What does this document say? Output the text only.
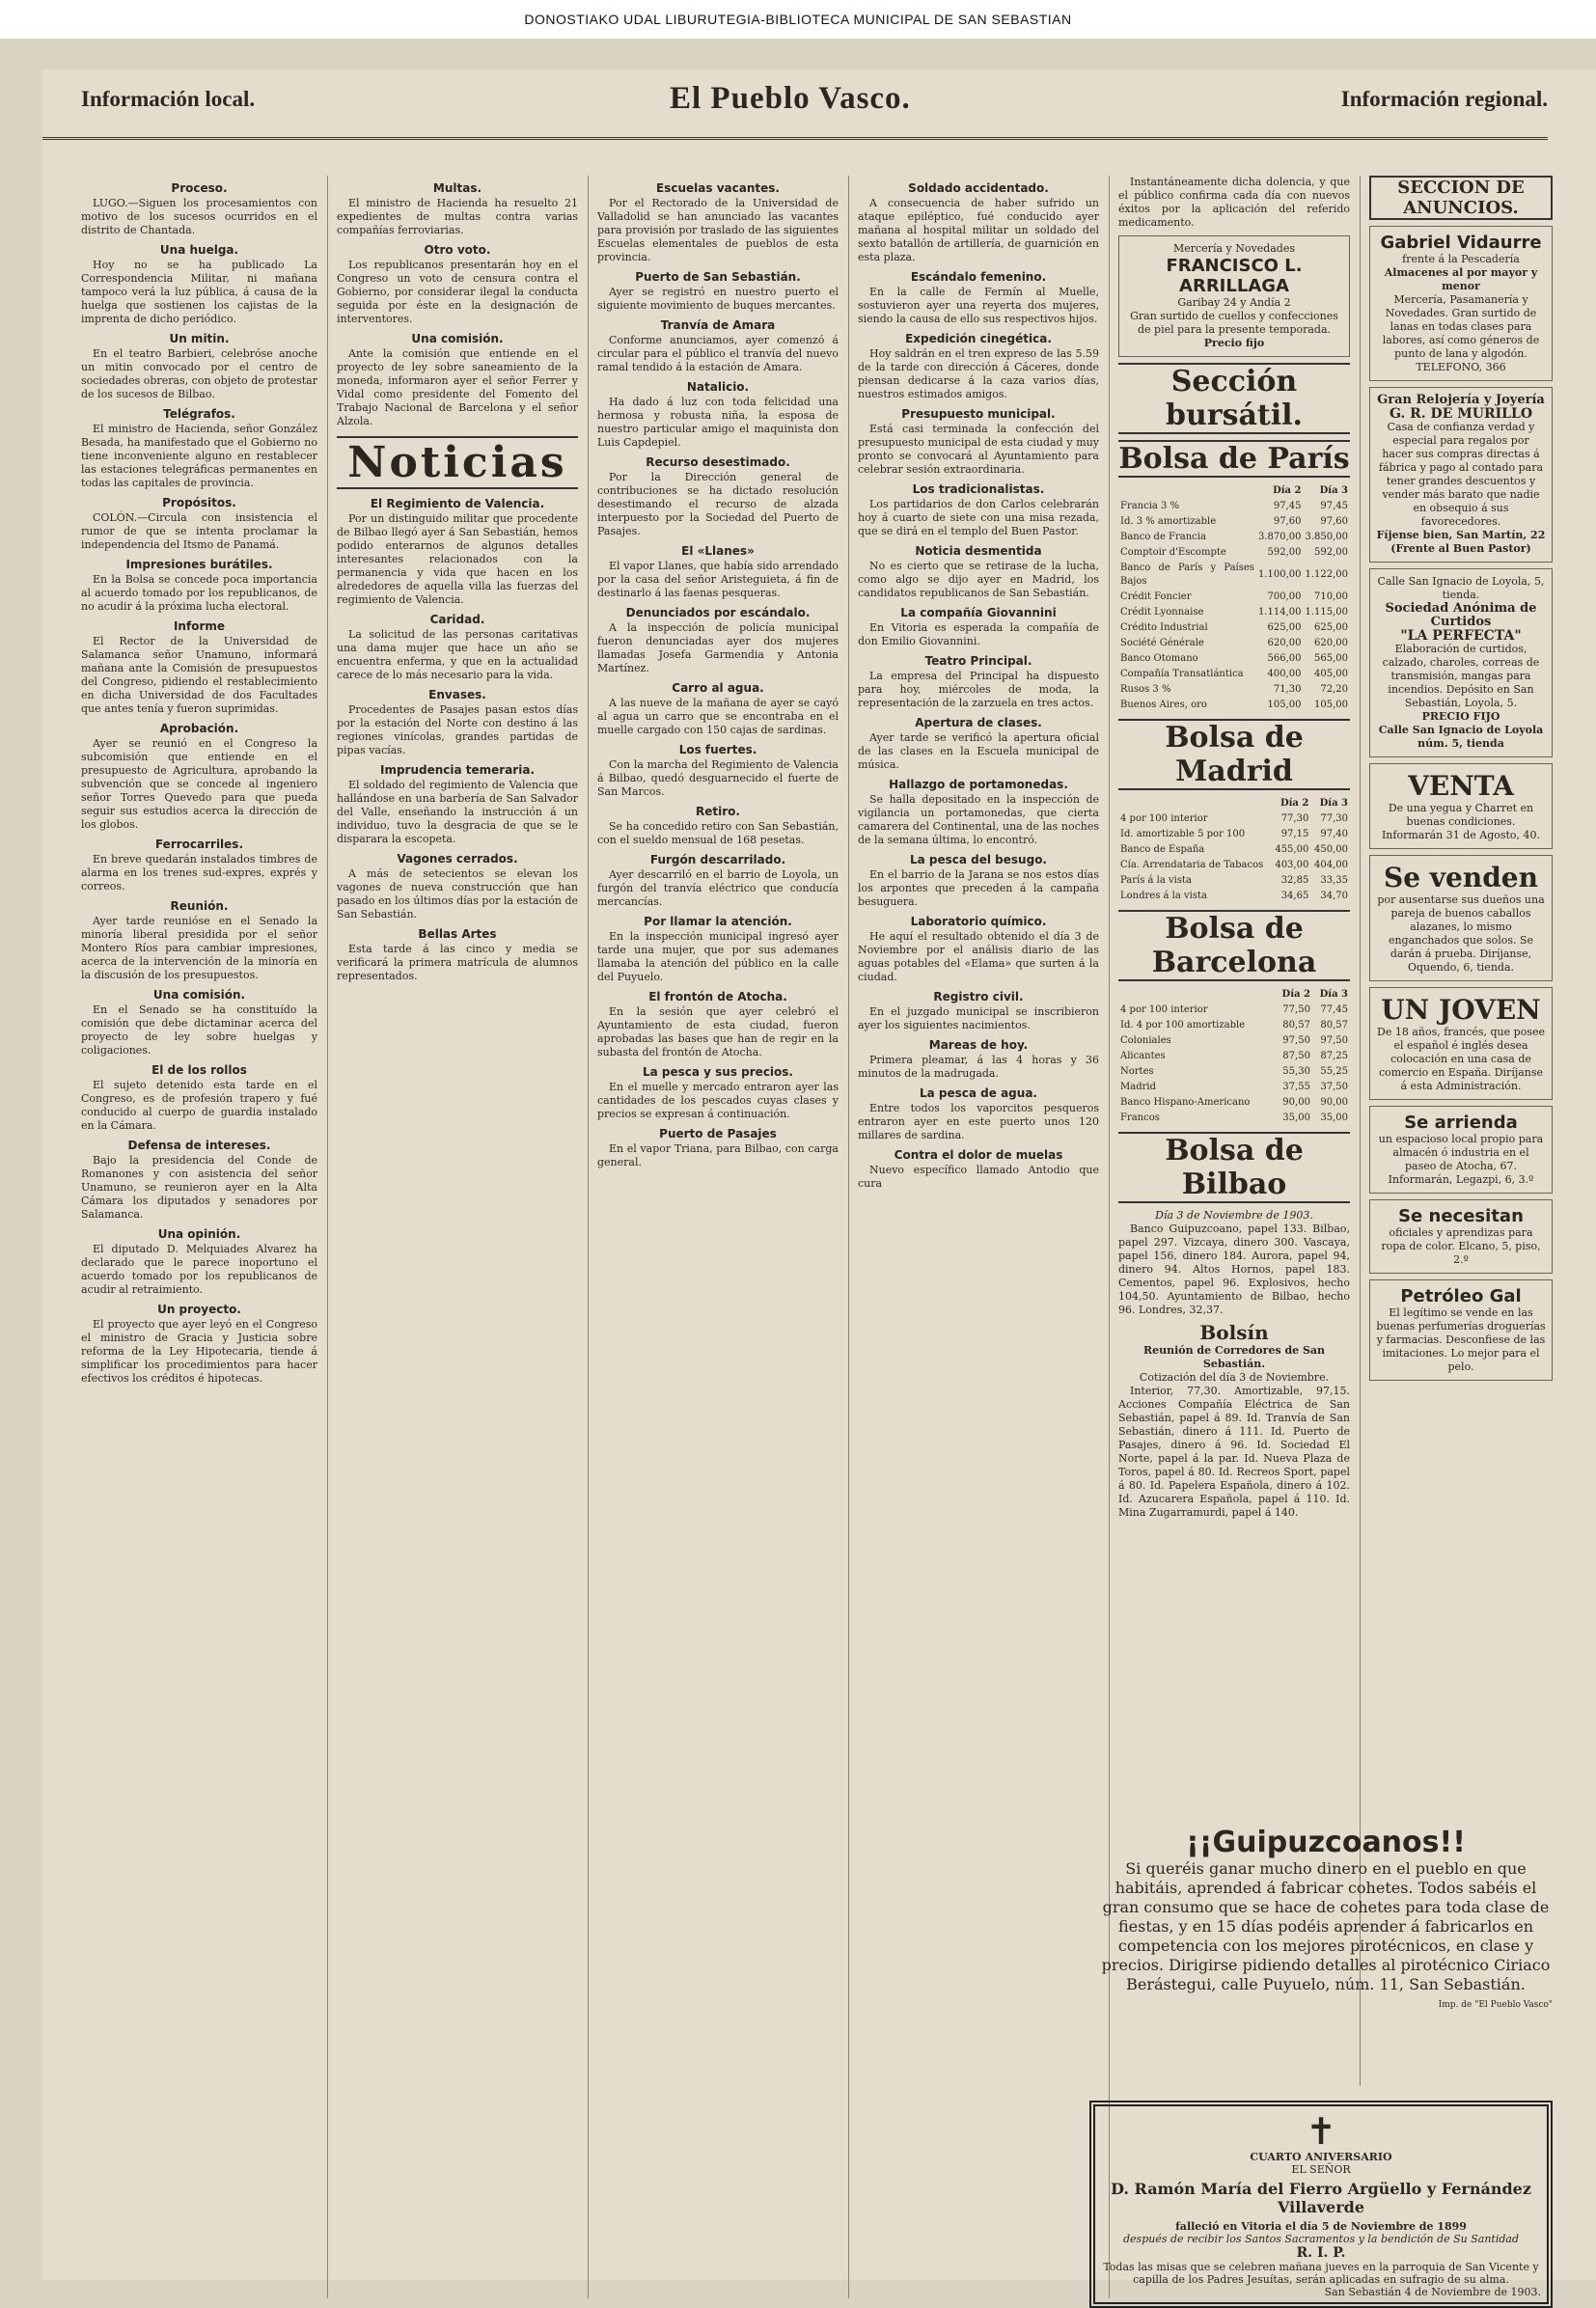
DONOSTIAKO UDAL LIBURUTEGIA-BIBLIOTECA MUNICIPAL DE SAN SEBASTIAN
Información local.	El Pueblo Vasco.	Información regional.
Proceso.

LUGO.—Siguen los procesamientos con motivo de los sucesos ocurridos en el distrito de Chantada.

Una huelga.

Hoy no se ha publicado La Correspondencia Militar, ni mañana tampoco verá la luz pública, á causa de la huelga que sostienen los cajistas de la imprenta de dicho periódico.

Un mitin.

En el teatro Barbieri, celebróse anoche un mitin convocado por el centro de sociedades obreras, con objeto de protestar de los sucesos de Bilbao.

Telégrafos.

El ministro de Hacienda, señor González Besada, ha manifestado que el Gobierno no tiene inconveniente alguno en restablecer las estaciones telegráficas permanentes en todas las capitales de provincia.

Propósitos.

COLÓN.—Circula con insistencia el rumor de que se intenta proclamar la independencia del Itsmo de Panamá.

Impresiones burátiles.

En la Bolsa se concede poca importancia al acuerdo tomado por los republicanos, de no acudir á la próxima lucha electoral.

Informe

El Rector de la Universidad de Salamanca señor Unamuno, informará mañana ante la Comisión de presupuestos del Congreso, pidiendo el restablecimiento en dicha Universidad de dos Facultades que antes tenía y fueron suprimidas.

Aprobación.

Ayer se reunió en el Congreso la subcomisión que entiende en el presupuesto de Agricultura, aprobando la subvención que se concede al ingeniero señor Torres Quevedo para que pueda seguir sus estudios acerca la dirección de los globos.

Ferrocarriles.

En breve quedarán instalados timbres de alarma en los trenes sud-expres, exprés y correos.

Reunión.

Ayer tarde reunióse en el Senado la minoría liberal presidida por el señor Montero Ríos para cambiar impresiones, acerca de la intervención de la minoría en la discusión de los presupuestos.

Una comisión.

En el Senado se ha constituído la comisión que debe dictaminar acerca del proyecto de ley sobre huelgas y coligaciones.

El de los rollos

El sujeto detenido esta tarde en el Congreso, es de profesión trapero y fué conducido al cuerpo de guardia instalado en la Cámara.

Defensa de intereses.

Bajo la presidencia del Conde de Romanones y con asistencia del señor Unamuno, se reunieron ayer en la Alta Cámara los diputados y senadores por Salamanca.

Una opinión.

El diputado D. Melquiades Alvarez ha declarado que le parece inoportuno el acuerdo tomado por los republicanos de acudir al retraimiento.

Un proyecto.

El proyecto que ayer leyó en el Congreso el ministro de Gracia y Justicia sobre reforma de la Ley Hipotecaria, tiende á simplificar los procedimientos para hacer efectivos los créditos é hipotecas.

Multas.

El ministro de Hacienda ha resuelto 21 expedientes de multas contra varias compañías ferroviarias.

Otro voto.

Los republicanos presentarán hoy en el Congreso un voto de censura contra el Gobierno, por considerar ilegal la conducta seguida por éste en la designación de interventores.

Una comisión.

Ante la comisión que entiende en el proyecto de ley sobre saneamiento de la moneda, informaron ayer el señor Ferrer y Vidal como presidente del Fomento del Trabajo Nacional de Barcelona y el señor Alzola.

Noticias
El Regimiento de Valencia.

Por un distinguido militar que procedente de Bilbao llegó ayer á San Sebastián, hemos podido enterarnos de algunos detalles interesantes relacionados con la permanencia y vida que hacen en los alrededores de aquella villa las fuerzas del regimiento de Valencia.

Caridad.

La solicitud de las personas caritativas una dama mujer que hace un año se encuentra enferma, y que en la actualidad carece de lo más necesario para la vida.

Envases.

Procedentes de Pasajes pasan estos días por la estación del Norte con destino á las regiones vinícolas, grandes partidas de pipas vacías.

Imprudencia temeraria.

El soldado del regimiento de Valencia que hallándose en una barbería de San Salvador del Valle, enseñando la instrucción á un individuo, tuvo la desgracia de que se le disparara la escopeta.

Vagones cerrados.

A más de setecientos se elevan los vagones de nueva construcción que han pasado en los últimos días por la estación de San Sebastián.

Bellas Artes

Esta tarde á las cinco y media se verificará la primera matrícula de alumnos representados.

Escuelas vacantes.

Por el Rectorado de la Universidad de Valladolid se han anunciado las vacantes para provisión por traslado de las siguientes Escuelas elementales de pueblos de esta provincia.

Puerto de San Sebastián.

Ayer se registró en nuestro puerto el siguiente movimiento de buques mercantes.

Tranvía de Amara

Conforme anunciamos, ayer comenzó á circular para el público el tranvía del nuevo ramal tendido á la estación de Amara.

Natalicio.

Ha dado á luz con toda felicidad una hermosa y robusta niña, la esposa de nuestro particular amigo el maquinista don Luis Capdepiel.

Recurso desestimado.

Por la Dirección general de contribuciones se ha dictado resolución desestimando el recurso de alzada interpuesto por la Sociedad del Puerto de Pasajes.

El «Llanes»

El vapor Llanes, que había sido arrendado por la casa del señor Aristeguieta, á fin de destinarlo á las faenas pesqueras.

Denunciados por escándalo.

A la inspección de policía municipal fueron denunciadas ayer dos mujeres llamadas Josefa Garmendia y Antonia Martínez.

Carro al agua.

A las nueve de la mañana de ayer se cayó al agua un carro que se encontraba en el muelle cargado con 150 cajas de sardinas.

Los fuertes.

Con la marcha del Regimiento de Valencia á Bilbao, quedó desguarnecido el fuerte de San Marcos.

Retiro.

Se ha concedido retiro con San Sebastián, con el sueldo mensual de 168 pesetas.

Furgón descarrilado.

Ayer descarriló en el barrio de Loyola, un furgón del tranvía eléctrico que conducía mercancías.

Por llamar la atención.

En la inspección municipal ingresó ayer tarde una mujer, que por sus ademanes llamaba la atención del público en la calle del Puyuelo.

El frontón de Atocha.

En la sesión que ayer celebró el Ayuntamiento de esta ciudad, fueron aprobadas las bases que han de regir en la subasta del frontón de Atocha.

La pesca y sus precios.

En el muelle y mercado entraron ayer las cantidades de los pescados cuyas clases y precios se expresan á continuación.

Puerto de Pasajes

En el vapor Triana, para Bilbao, con carga general.

Soldado accidentado.

A consecuencia de haber sufrido un ataque epiléptico, fué conducido ayer mañana al hospital militar un soldado del sexto batallón de artillería, de guarnición en esta plaza.

Escándalo femenino.

En la calle de Fermín al Muelle, sostuvieron ayer una reyerta dos mujeres, siendo la causa de ello sus respectivos hijos.

Expedición cinegética.

Hoy saldrán en el tren expreso de las 5.59 de la tarde con dirección á Cáceres, donde piensan dedicarse á la caza varios días, nuestros estimados amigos.

Presupuesto municipal.

Está casi terminada la confección del presupuesto municipal de esta ciudad y muy pronto se convocará al Ayuntamiento para celebrar sesión extraordinaria.

Los tradicionalistas.

Los partidarios de don Carlos celebrarán hoy á cuarto de siete con una misa rezada, que se dirá en el templo del Buen Pastor.

Noticia desmentida

No es cierto que se retirase de la lucha, como algo se dijo ayer en Madrid, los candidatos republicanos de San Sebastián.

La compañía Giovannini

En Vitoria es esperada la compañía de don Emilio Giovannini.

Teatro Principal.

La empresa del Principal ha dispuesto para hoy, miércoles de moda, la representación de la zarzuela en tres actos.

Apertura de clases.

Ayer tarde se verificó la apertura oficial de las clases en la Escuela municipal de música.

Hallazgo de portamonedas.

Se halla depositado en la inspección de vigilancia un portamonedas, que cierta camarera del Continental, una de las noches de la semana última, lo encontró.

La pesca del besugo.

En el barrio de la Jarana se nos estos días los arpontes que preceden á la campaña besuguera.

Laboratorio químico.

He aquí el resultado obtenido el día 3 de Noviembre por el análisis diario de las aguas potables del «Elama» que surten á la ciudad.

Registro civil.

En el juzgado municipal se inscribieron ayer los siguientes nacimientos.

Mareas de hoy.

Primera pleamar, á las 4 horas y 36 minutos de la madrugada.

La pesca de agua.

Entre todos los vaporcitos pesqueros entraron ayer en este puerto unos 120 millares de sardina.

Contra el dolor de muelas

Nuevo específico llamado Antodio que cura

Instantáneamente dicha dolencia, y que el público confirma cada día con nuevos éxitos por la aplicación del referido medicamento.

Mercería y Novedades
FRANCISCO L. ARRILLAGA
Garibay 24 y Andía 2
Gran surtido de cuellos y confecciones de piel para la presente temporada.
Precio fijo
Sección bursátil.
Bolsa de París
	Día 2	Día 3
Francia 3 %	97,45	97,45
Id. 3 % amortizable	97,60	97,60
Banco de Francia	3.870,00	3.850,00
Comptoir d'Escompte	592,00	592,00
Banco de París y Países Bajos	1.100,00	1.122,00
Crédit Foncier	700,00	710,00
Crédit Lyonnaise	1.114,00	1.115,00
Crédito Industrial	625,00	625,00
Société Générale	620,00	620,00
Banco Otomano	566,00	565,00
Compañía Transatlántica	400,00	405,00
Rusos 3 %	71,30	72,20
Buenos Aires, oro	105,00	105,00
Bolsa de Madrid
	Día 2	Día 3
4 por 100 interior	77,30	77,30
Id. amortizable 5 por 100	97,15	97,40
Banco de España	455,00	450,00
Cía. Arrendataria de Tabacos	403,00	404,00
París á la vista	32,85	33,35
Londres á la vista	34,65	34,70
Bolsa de Barcelona
	Día 2	Día 3
4 por 100 interior	77,50	77,45
Id. 4 por 100 amortizable	80,57	80,57
Coloniales	97,50	97,50
Alicantes	87,50	87,25
Nortes	55,30	55,25
Madrid	37,55	37,50
Banco Hispano-Americano	90,00	90,00
Francos	35,00	35,00
Bolsa de Bilbao
Día 3 de Noviembre de 1903.

Banco Guipuzcoano, papel 133. Bilbao, papel 297. Vizcaya, dinero 300. Vascaya, papel 156, dinero 184. Aurora, papel 94, dinero 94. Altos Hornos, papel 183. Cementos, papel 96. Explosivos, hecho 104,50. Ayuntamiento de Bilbao, hecho 96. Londres, 32,37.

Bolsín
Reunión de Corredores de San Sebastián.
Cotización del día 3 de Noviembre.

Interior, 77,30. Amortizable, 97,15. Acciones Compañía Eléctrica de San Sebastián, papel á 89. Id. Tranvía de San Sebastián, dinero á 111. Id. Puerto de Pasajes, dinero á 96. Id. Sociedad El Norte, papel á la par. Id. Nueva Plaza de Toros, papel á 80. Id. Recreos Sport, papel á 80. Id. Papelera Española, dinero á 102. Id. Azucarera Española, papel á 110. Id. Mina Zugarramurdi, papel á 140.

SECCION DE ANUNCIOS.
Gabriel Vidaurre
frente á la Pescadería
Almacenes al por mayor y menor
Mercería, Pasamanería y Novedades. Gran surtido de lanas en todas clases para labores, así como géneros de punto de lana y algodón.
TELEFONO, 366
Gran Relojería y Joyería
G. R. DE MURILLO
Casa de confianza verdad y especial para regalos por hacer sus compras directas á fábrica y pago al contado para tener grandes descuentos y vender más barato que nadie en obsequio á sus favorecedores.
Fíjense bien, San Martín, 22 (Frente al Buen Pastor)
Calle San Ignacio de Loyola, 5, tienda.
Sociedad Anónima de Curtidos
"LA PERFECTA"
Elaboración de curtidos, calzado, charoles, correas de transmisión, mangas para incendios. Depósito en San Sebastián, Loyola, 5.
PRECIO FIJO
Calle San Ignacio de Loyola núm. 5, tienda
VENTA
De una yegua y Charret en buenas condiciones. Informarán 31 de Agosto, 40.
Se venden
por ausentarse sus dueños una pareja de buenos caballos alazanes, lo mismo enganchados que solos. Se darán á prueba. Diríjanse, Oquendo, 6, tienda.
UN JOVEN
De 18 años, francés, que posee el español é inglés desea colocación en una casa de comercio en España. Diríjanse á esta Administración.
Se arrienda
un espacioso local propio para almacén ó industria en el paseo de Atocha, 67. Informarán, Legazpi, 6, 3.º
Se necesitan
oficiales y aprendizas para ropa de color. Elcano, 5, piso, 2.º
Petróleo Gal
El legítimo se vende en las buenas perfumerías droguerías y farmacias. Desconfiese de las imitaciones. Lo mejor para el pelo.
¡¡Guipuzcoanos!!
Si queréis ganar mucho dinero en el pueblo en que habitáis, aprended á fabricar cohetes. Todos sabéis el gran consumo que se hace de cohetes para toda clase de fiestas, y en 15 días podéis aprender á fabricarlos en competencia con los mejores pirotécnicos, en clase y precios. Dirigirse pidiendo detalles al pirotécnico Ciriaco Berástegui, calle Puyuelo, núm. 11, San Sebastián.
Imp. de "El Pueblo Vasco"
✝
CUARTO ANIVERSARIO
EL SEÑOR
D. Ramón María del Fierro Argüello y Fernández Villaverde
falleció en Vitoria el día 5 de Noviembre de 1899
después de recibir los Santos Sacramentos y la bendición de Su Santidad
R. I. P.
Todas las misas que se celebren mañana jueves en la parroquia de San Vicente y capilla de los Padres Jesuítas, serán aplicadas en sufragio de su alma.
San Sebastián 4 de Noviembre de 1903.
